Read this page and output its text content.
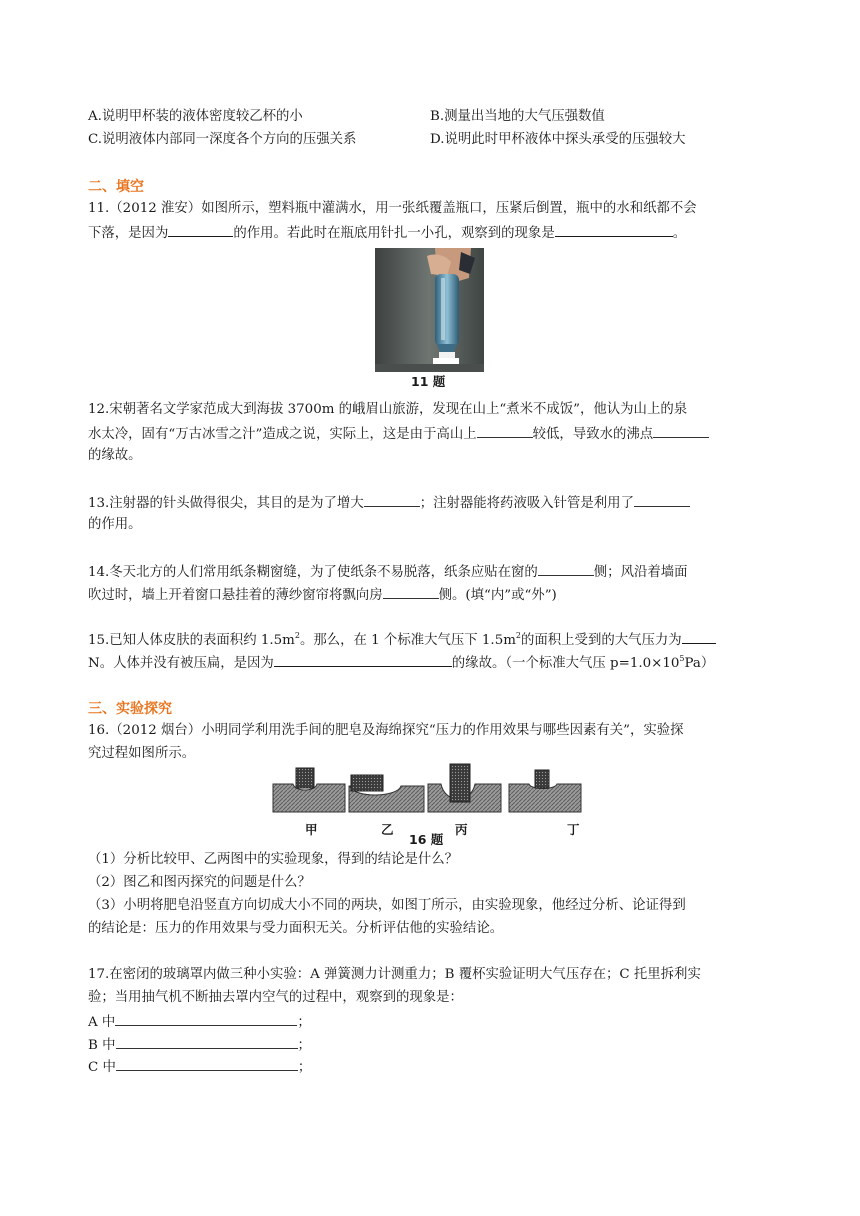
A.说明甲杯装的液体密度较乙杯的小	B.测量出当地的大气压强数值
C.说明液体内部同一深度各个方向的压强关系	D.说明此时甲杯液体中探头承受的压强较大
二、填空
11.（2012 淮安）如图所示，塑料瓶中灌满水，用一张纸覆盖瓶口，压紧后倒置，瓶中的水和纸都不会
下落，是因为	的作用。若此时在瓶底用针扎一小孔，观察到的现象是	。
11 题
12.宋朝著名文学家范成大到海拔 3700m 的峨眉山旅游，发现在山上“煮米不成饭”，他认为山上的泉
水太冷，固有“万古冰雪之汁”造成之说，实际上，这是由于高山上	较低，导致水的沸点
的缘故。
13.注射器的针头做得很尖，其目的是为了增大	；注射器能将药液吸入针管是利用了
的作用。
14.冬天北方的人们常用纸条糊窗缝，为了使纸条不易脱落，纸条应贴在窗的	侧；风沿着墙面
吹过时，墙上开着窗口悬挂着的薄纱窗帘将飘向房	侧。(填“内”或“外”)
15.已知人体皮肤的表面积约 $1.5m^2$。那么，在 1 个标准大气压下 $1.5m^2$的面积上受到的大气压力为
N。人体并没有被压扁，是因为	的缘故。（一个标准大气压 $p=1.0\times 10^5Pa$）
三、实验探究
16.（2012 烟台）小明同学利用洗手间的肥皂及海绵探究“压力的作用效果与哪些因素有关”，实验探
究过程如图所示。
甲	乙	丙	丁
16 题
（1）分析比较甲、乙两图中的实验现象，得到的结论是什么？
（2）图乙和图丙探究的问题是什么？
（3）小明将肥皂沿竖直方向切成大小不同的两块，如图丁所示，由实验现象，他经过分析、论证得到
的结论是：压力的作用效果与受力面积无关。分析评估他的实验结论。
17.在密闭的玻璃罩内做三种小实验：A 弹簧测力计测重力；B 覆杯实验证明大气压存在；C 托里拆利实
验；当用抽气机不断抽去罩内空气的过程中，观察到的现象是：
A 中	；
B 中	；
C 中	；
